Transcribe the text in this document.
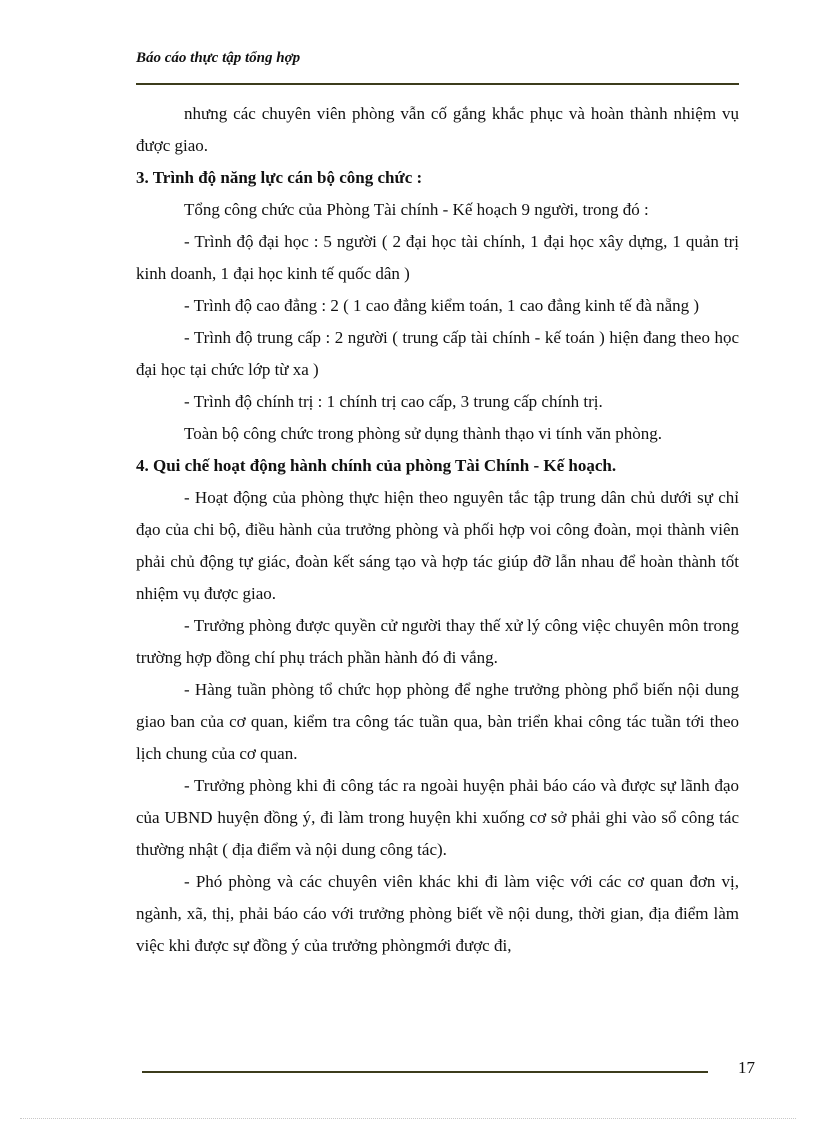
Báo cáo thực tập tổng hợp

nhưng các chuyên viên phòng vẫn cố gắng khắc phục và hoàn thành nhiệm vụ được giao.

3. Trình độ năng lực cán bộ công chức :

Tổng công chức của Phòng Tài chính - Kế hoạch 9 người, trong đó :

- Trình độ đại học : 5 người ( 2 đại học tài chính, 1 đại học xây dựng, 1 quản trị kinh doanh, 1 đại học kinh tế quốc dân )

- Trình độ cao đẳng : 2 ( 1 cao đẳng kiểm toán, 1 cao đẳng kinh tế đà nẵng )

- Trình độ trung cấp : 2 người ( trung cấp tài chính - kế toán ) hiện đang theo học đại học tại chức lớp từ xa )

- Trình độ chính trị : 1 chính trị cao cấp, 3 trung cấp chính trị.

Toàn bộ công chức trong phòng sử dụng thành thạo vi tính văn phòng.

4. Qui chế hoạt động hành chính của phòng Tài Chính - Kế hoạch.

- Hoạt động của phòng thực hiện theo nguyên tắc tập trung dân chủ dưới sự chỉ đạo của chi bộ, điều hành của trưởng phòng và phối hợp voi công đoàn, mọi thành viên phải chủ động tự giác, đoàn kết sáng tạo và hợp tác giúp đỡ lẫn nhau để hoàn thành tốt nhiệm vụ được giao.

- Trưởng phòng được quyền cử người thay thế xử lý công việc chuyên môn trong trường hợp đồng chí phụ trách phần hành đó đi vắng.

- Hàng tuần phòng tổ chức họp phòng để nghe trưởng phòng phổ biến nội dung giao ban của cơ quan, kiểm tra công tác tuần qua, bàn triển khai công tác tuần tới theo lịch chung của cơ quan.

- Trưởng phòng khi đi công tác ra ngoài huyện phải báo cáo và được sự lãnh đạo của UBND huyện đồng ý, đi làm trong huyện khi xuống cơ sở phải ghi vào sổ công tác thường nhật ( địa điểm và nội dung công tác).

- Phó phòng và các chuyên viên khác khi đi làm việc với các cơ quan đơn vị, ngành, xã, thị, phải báo cáo với trưởng phòng biết về nội dung, thời gian, địa điểm làm việc khi được sự đồng ý của trưởng phòngmới được đi,

17
